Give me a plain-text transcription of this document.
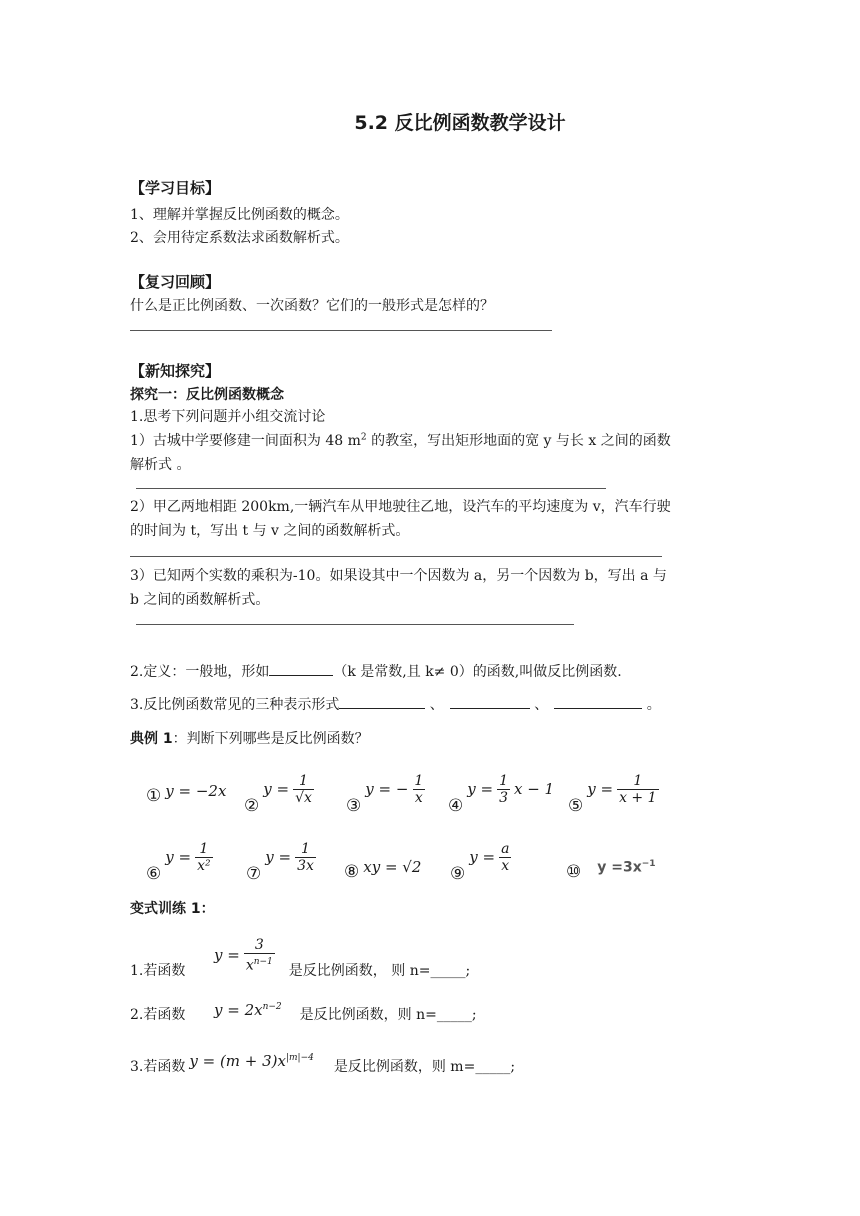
5.2 反比例函数教学设计
【学习目标】
1、理解并掌握反比例函数的概念。
2、会用待定系数法求函数解析式。
【复习回顾】
什么是正比例函数、一次函数？它们的一般形式是怎样的？
【新知探究】
探究一：反比例函数概念
1.思考下列问题并小组交流讨论
1）古城中学要修建一间面积为 48 $m^2$ 的教室，写出矩形地面的宽 y 与长 x 之间的函数
解析式 。
2）甲乙两地相距 200km,一辆汽车从甲地驶往乙地，设汽车的平均速度为 v，汽车行驶
的时间为 t，写出 t 与 v 之间的函数解析式。
3）已知两个实数的乘积为-10。如果设其中一个因数为 a，另一个因数为 b，写出 a 与
b 之间的函数解析式。
2.定义：一般地，形如	（k 是常数,且 k≠ 0）的函数,叫做反比例函数.
3.反比例函数常见的三种表示形式	、	、	。
典例 1：判断下列哪些是反比例函数？
① y = −2x
②
$y = \frac{1}{√x}$
③
y = − $\frac{1}{x}$
④
$y = \frac{1}{3}$ x − 1
⑤
$y = \frac{1}{x + 1}$
⑥
$y = \frac{1}{\text{x²}}$
⑦
$y = \frac{1}{3x}$ ⑧ xy = √2 ⑨
$y = \frac{a}{x}$	⑩ $y =3x^{-1}$
变式训练 1：
1.若函数
$y = \frac{3}{x^{n-1}}$ 是反比例函数， 则 n=_____;
2.若函数	$y = 2x^{n-2}$ 是反比例函数，则 n=_____;
3.若函数 $y = (m + 3)x^{|m|-4}$
是反比例函数，则 m=_____;
